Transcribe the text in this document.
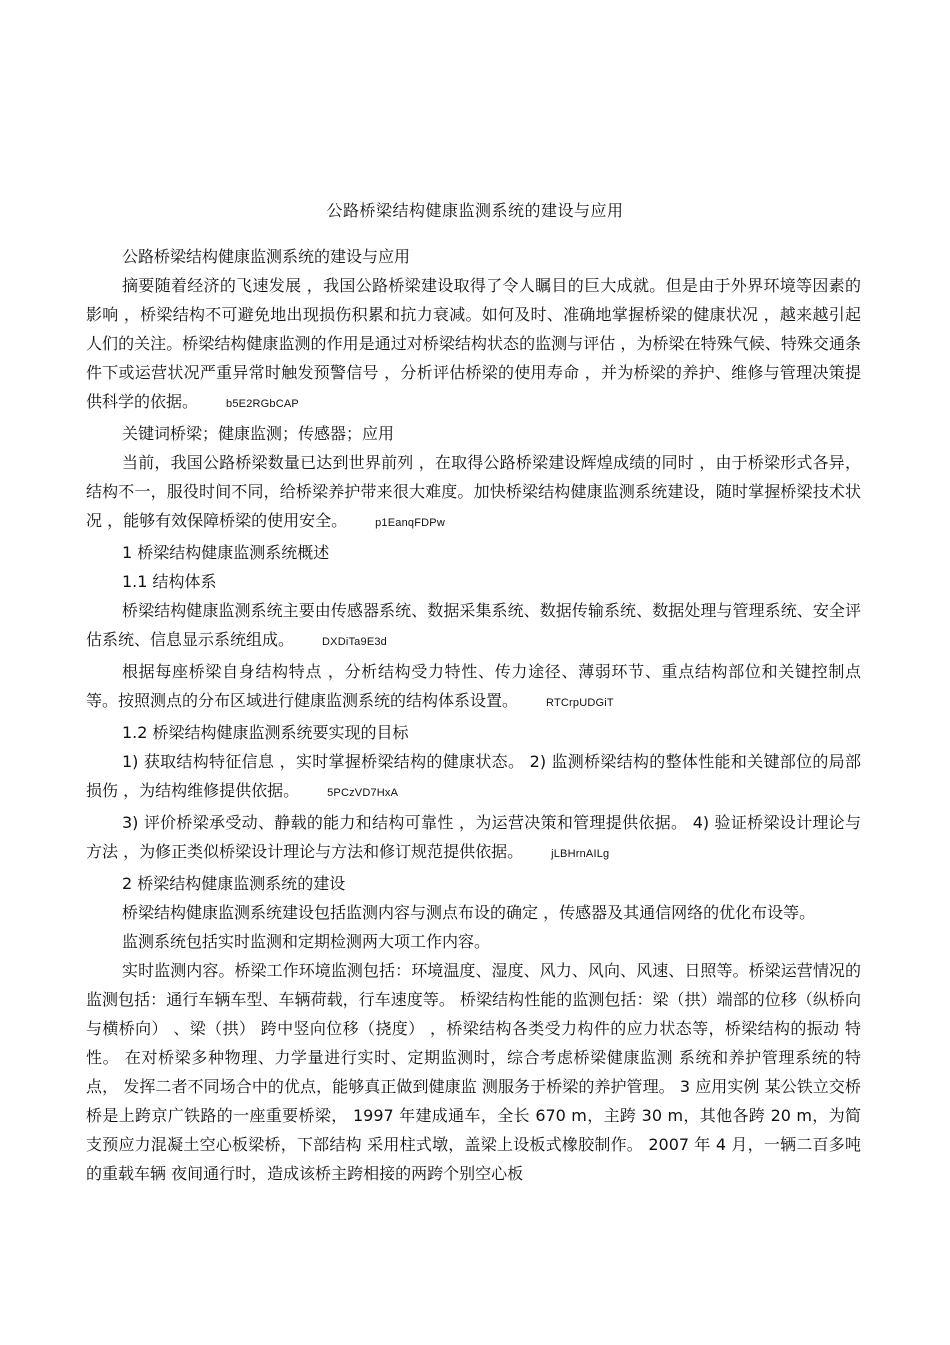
公路桥梁结构健康监测系统的建设与应用

公路桥梁结构健康监测系统的建设与应用

摘要随着经济的飞速发展 ，我国公路桥梁建设取得了令人瞩目的巨大成就。但是由于外界环境等因素的影响 ，桥梁结构不可避免地出现损伤积累和抗力衰减。如何及时、准确地掌握桥梁的健康状况 ，越来越引起人们的关注。桥梁结构健康监测的作用是通过对桥梁结构状态的监测与评估 ，为桥梁在特殊气候、特殊交通条件下或运营状况严重异常时触发预警信号 ，分析评估桥梁的使用寿命 ，并为桥梁的养护、维修与管理决策提供科学的依据。	b5E2RGbCAP

关键词桥梁；健康监测；传感器；应用

当前，我国公路桥梁数量已达到世界前列 ，在取得公路桥梁建设辉煌成绩的同时 ，由于桥梁形式各异，结构不一，服役时间不同，给桥梁养护带来很大难度。加快桥梁结构健康监测系统建设，随时掌握桥梁技术状况 ，能够有效保障桥梁的使用安全。	p1EanqFDPw

1 桥梁结构健康监测系统概述

1.1 结构体系

桥梁结构健康监测系统主要由传感器系统、数据采集系统、数据传输系统、数据处理与管理系统、安全评估系统、信息显示系统组成。	DXDiTa9E3d

根据每座桥梁自身结构特点 ，分析结构受力特性、传力途径、薄弱环节、重点结构部位和关键控制点等。按照测点的分布区域进行健康监测系统的结构体系设置。	RTCrpUDGiT

1.2 桥梁结构健康监测系统要实现的目标

1) 获取结构特征信息 ，实时掌握桥梁结构的健康状态。 2) 监测桥梁结构的整体性能和关键部位的局部损伤 ，为结构维修提供依据。	5PCzVD7HxA

3) 评价桥梁承受动、静载的能力和结构可靠性 ，为运营决策和管理提供依据。 4) 验证桥梁设计理论与方法 ，为修正类似桥梁设计理论与方法和修订规范提供依据。	jLBHrnAILg

2 桥梁结构健康监测系统的建设

桥梁结构健康监测系统建设包括监测内容与测点布设的确定 ，传感器及其通信网络的优化布设等。

监测系统包括实时监测和定期检测两大项工作内容。

实时监测内容。桥梁工作环境监测包括：环境温度、湿度、风力、风向、风速、日照等。桥梁运营情况的监测包括：通行车辆车型、车辆荷载，行车速度等。 桥梁结构性能的监测包括：梁（拱）端部的位移（纵桥向与横桥向） 、梁（拱） 跨中竖向位移（挠度） ，桥梁结构各类受力构件的应力状态等，桥梁结构的振动 特性。 在对桥梁多种物理、力学量进行实时、定期监测时，综合考虑桥梁健康监测 系统和养护管理系统的特点， 发挥二者不同场合中的优点，能够真正做到健康监 测服务于桥梁的养护管理。 3 应用实例 某公铁立交桥桥是上跨京广铁路的一座重要桥梁， 1997 年建成通车，全长 670 m，主跨 30 m，其他各跨 20 m，为简支预应力混凝土空心板梁桥，下部结构 采用柱式墩，盖梁上设板式橡胶制作。 2007 年 4 月，一辆二百多吨的重载车辆 夜间通行时，造成该桥主跨相接的两跨个别空心板
